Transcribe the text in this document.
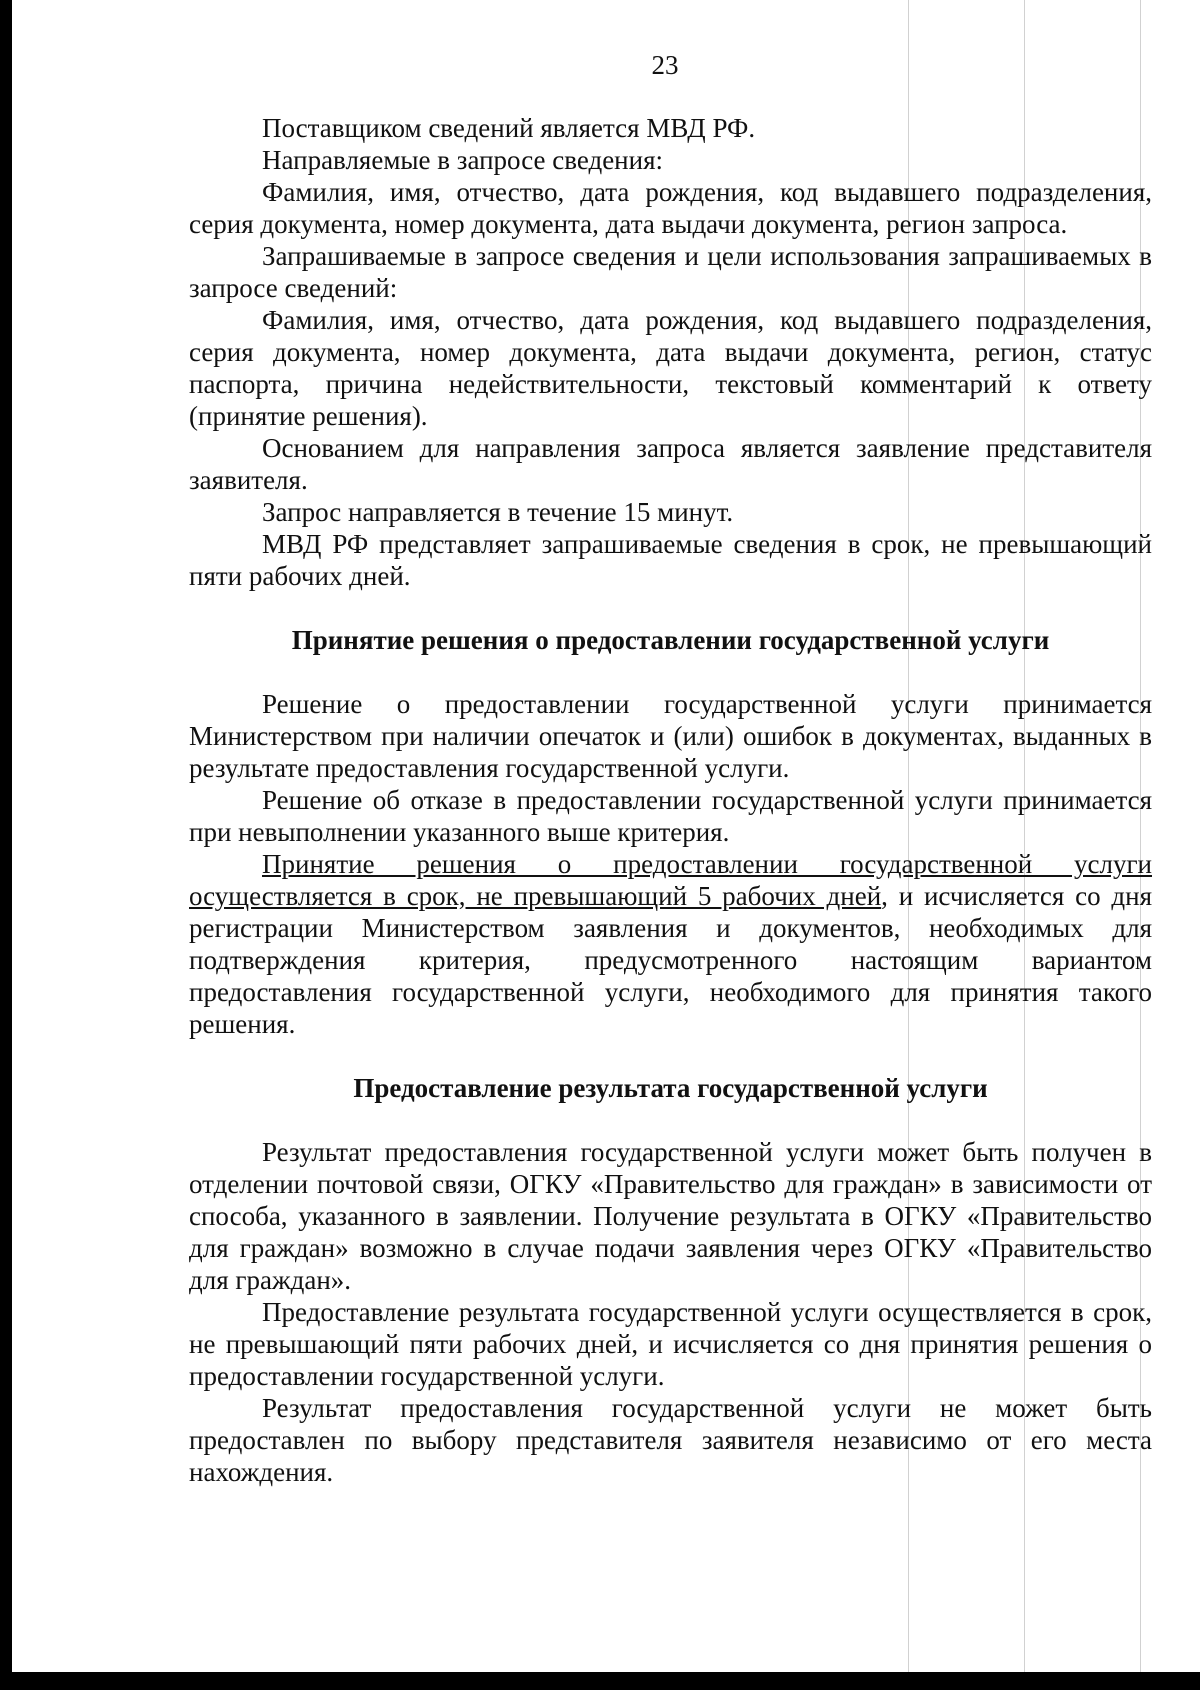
23

Поставщиком сведений является МВД РФ.

Направляемые в запросе сведения:

Фамилия, имя, отчество, дата рождения, код выдавшего подразделения, серия документа, номер документа, дата выдачи документа, регион запроса.

Запрашиваемые в запросе сведения и цели использования запрашиваемых в запросе сведений:

Фамилия, имя, отчество, дата рождения, код выдавшего подразделения, серия документа, номер документа, дата выдачи документа, регион, статус паспорта, причина недействительности, текстовый комментарий к ответу (принятие решения).

Основанием для направления запроса является заявление представителя заявителя.

Запрос направляется в течение 15 минут.

МВД РФ представляет запрашиваемые сведения в срок, не превышающий пяти рабочих дней.

Принятие решения о предоставлении государственной услуги

Решение о предоставлении государственной услуги принимается Министерством при наличии опечаток и (или) ошибок в документах, выданных в результате предоставления государственной услуги.

Решение об отказе в предоставлении государственной услуги принимается при невыполнении указанного выше критерия.

Принятие решения о предоставлении государственной услуги осуществляется в срок, не превышающий 5 рабочих дней, и исчисляется со дня регистрации Министерством заявления и документов, необходимых для подтверждения критерия, предусмотренного настоящим вариантом предоставления государственной услуги, необходимого для принятия такого решения.

Предоставление результата государственной услуги

Результат предоставления государственной услуги может быть получен в отделении почтовой связи, ОГКУ «Правительство для граждан» в зависимости от способа, указанного в заявлении. Получение результата в ОГКУ «Правительство для граждан» возможно в случае подачи заявления через ОГКУ «Правительство для граждан».

Предоставление результата государственной услуги осуществляется в срок, не превышающий пяти рабочих дней, и исчисляется со дня принятия решения о предоставлении государственной услуги.

Результат предоставления государственной услуги не может быть предоставлен по выбору представителя заявителя независимо от его места нахождения.
